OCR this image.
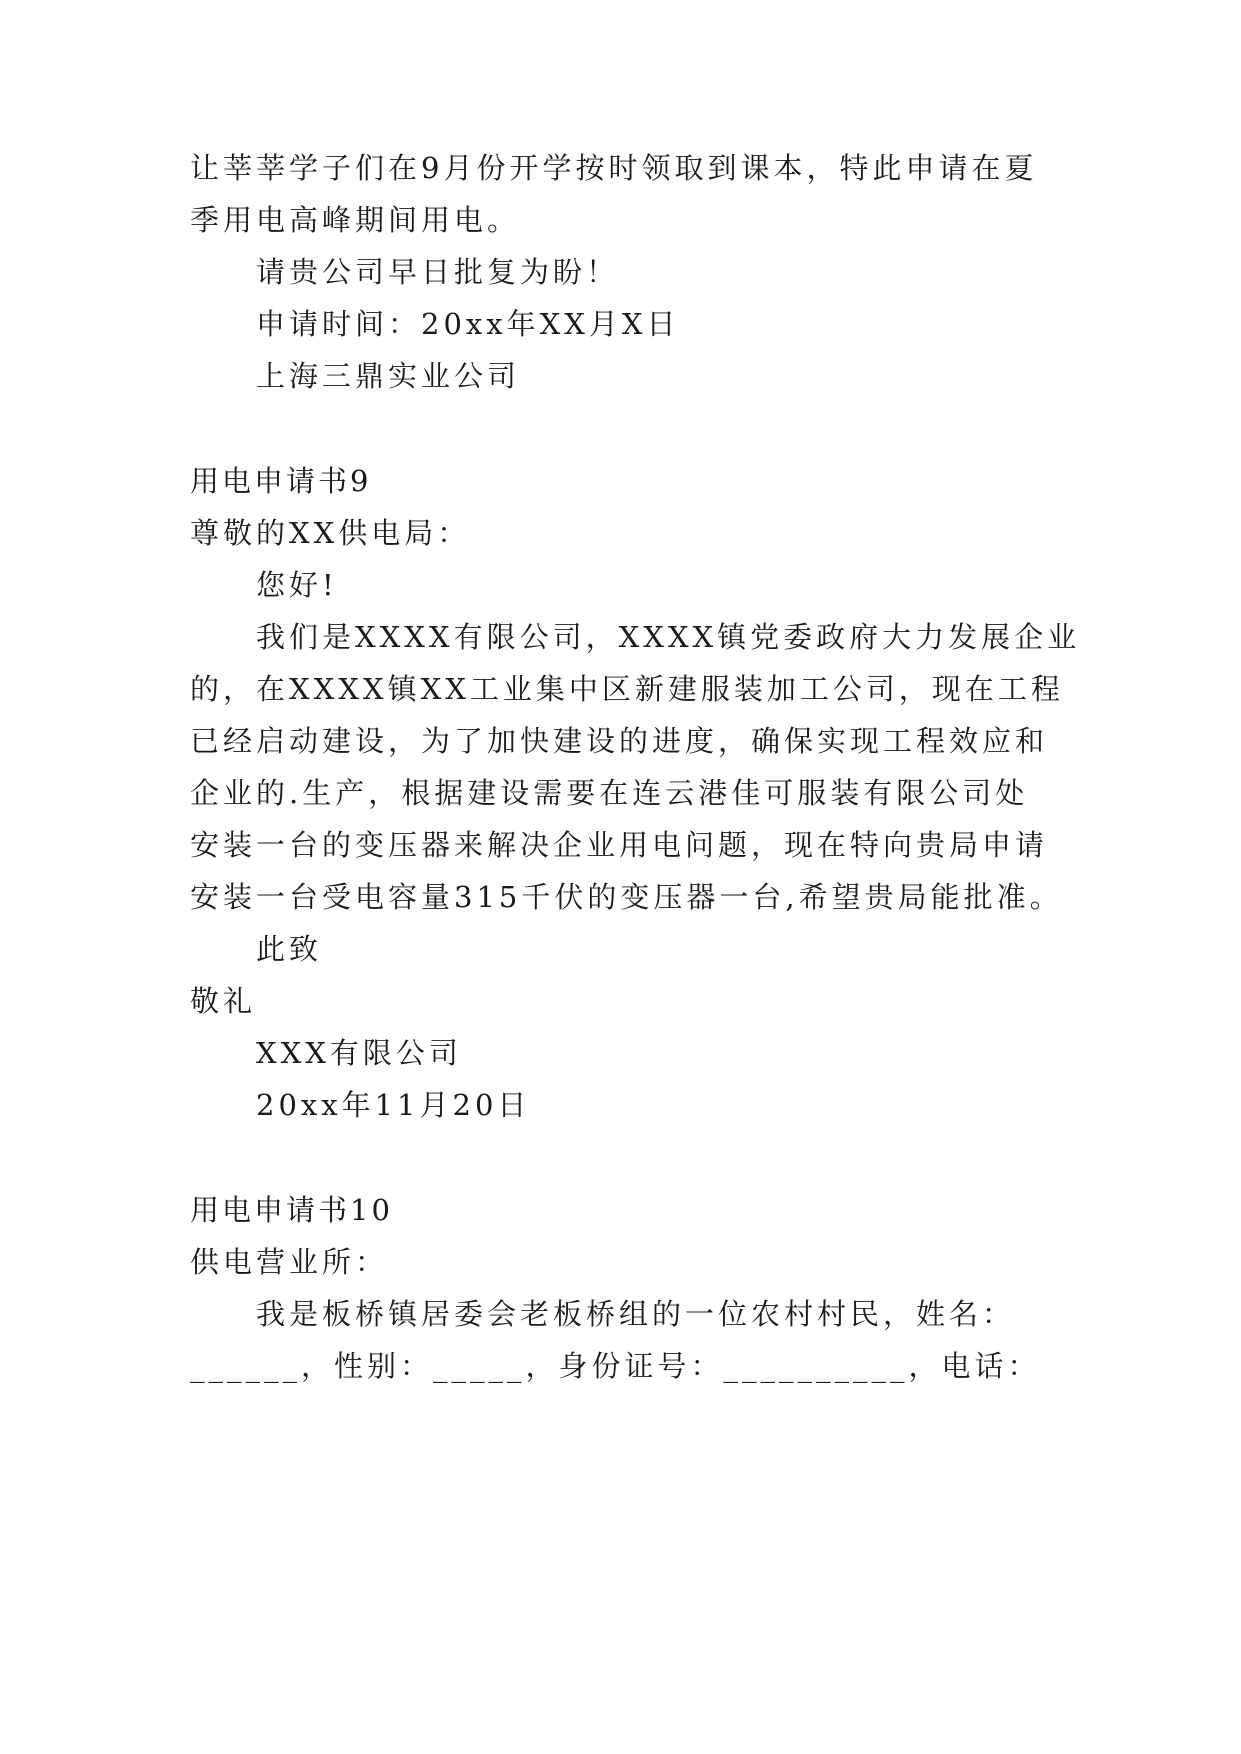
让莘莘学子们在9月份开学按时领取到课本，特此申请在夏
季用电高峰期间用电。
请贵公司早日批复为盼！
申请时间：20xx年XX月X日
上海三鼎实业公司
用电申请书9
尊敬的XX供电局：
您好!
我们是XXXX有限公司，XXXX镇党委政府大力发展企业
的，在XXXX镇XX工业集中区新建服装加工公司，现在工程
已经启动建设，为了加快建设的进度，确保实现工程效应和
企业的.生产，根据建设需要在连云港佳可服装有限公司处
安装一台的变压器来解决企业用电问题，现在特向贵局申请
安装一台受电容量315千伏的变压器一台,希望贵局能批准。
此致
敬礼
XXX有限公司
20xx年11月20日
用电申请书10
供电营业所：
我是板桥镇居委会老板桥组的一位农村村民，姓名：
______，性别：_____，身份证号：__________，电话：
